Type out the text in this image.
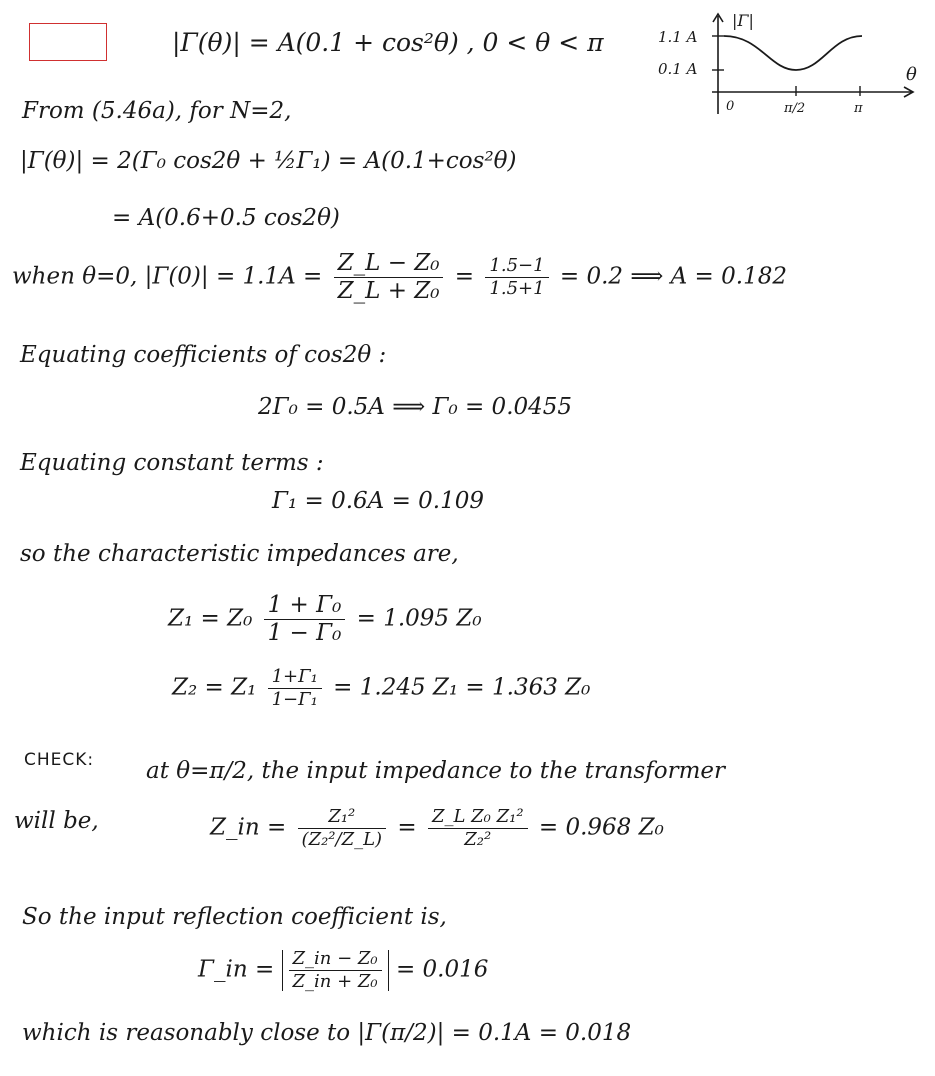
|Γ(θ)| = A(0.1 + cos²θ) , 0 < θ < π
|Γ|
1.1 A
0.1 A	θ
0	π/2	π
From (5.46a), for N=2,
|Γ(θ)| = 2(Γ₀ cos2θ + ½Γ₁) = A(0.1+cos²θ)
= A(0.6+0.5 cos2θ)
when θ=0, $|\Gamma(0)| = 1.1A = \frac{\text{Z\_L − Z₀}}{\text{Z\_L + Z₀}} = \frac{1.5-1}{1.5+1} = 0.2$ ⟹ A = 0.182
Equating coefficients of cos2θ :
2Γ₀ = 0.5A ⟹ Γ₀ = 0.0455
Equating constant terms :
Γ₁ = 0.6A = 0.109
so the characteristic impedances are,
$Z_1 = Z_0 \frac{\text{1 + Γ₀}}{\text{1 − Γ₀}} = 1.095$ Z₀
$Z_2 = Z_1 \frac{\text{1+Γ₁}}{\text{1−Γ₁}} = 1.245$ Z₁ = 1.363 Z₀
CHECK: at θ=π/2, the input impedance to the transformer
will be,	Z_in = $\frac{\text{Z₁²}}{\text{(Z₂²/Z\_L)}} = \frac{\text{Z\_L Z₀ Z₁²}}{\text{Z₂²}} = 0.968$ Z₀
So the input reflection coefficient is,
Γ_in = $\frac{\text{Z\_in − Z₀}}{\text{Z\_in + Z₀}} = 0.016$
which is reasonably close to |Γ(π/2)| = 0.1A = 0.018
